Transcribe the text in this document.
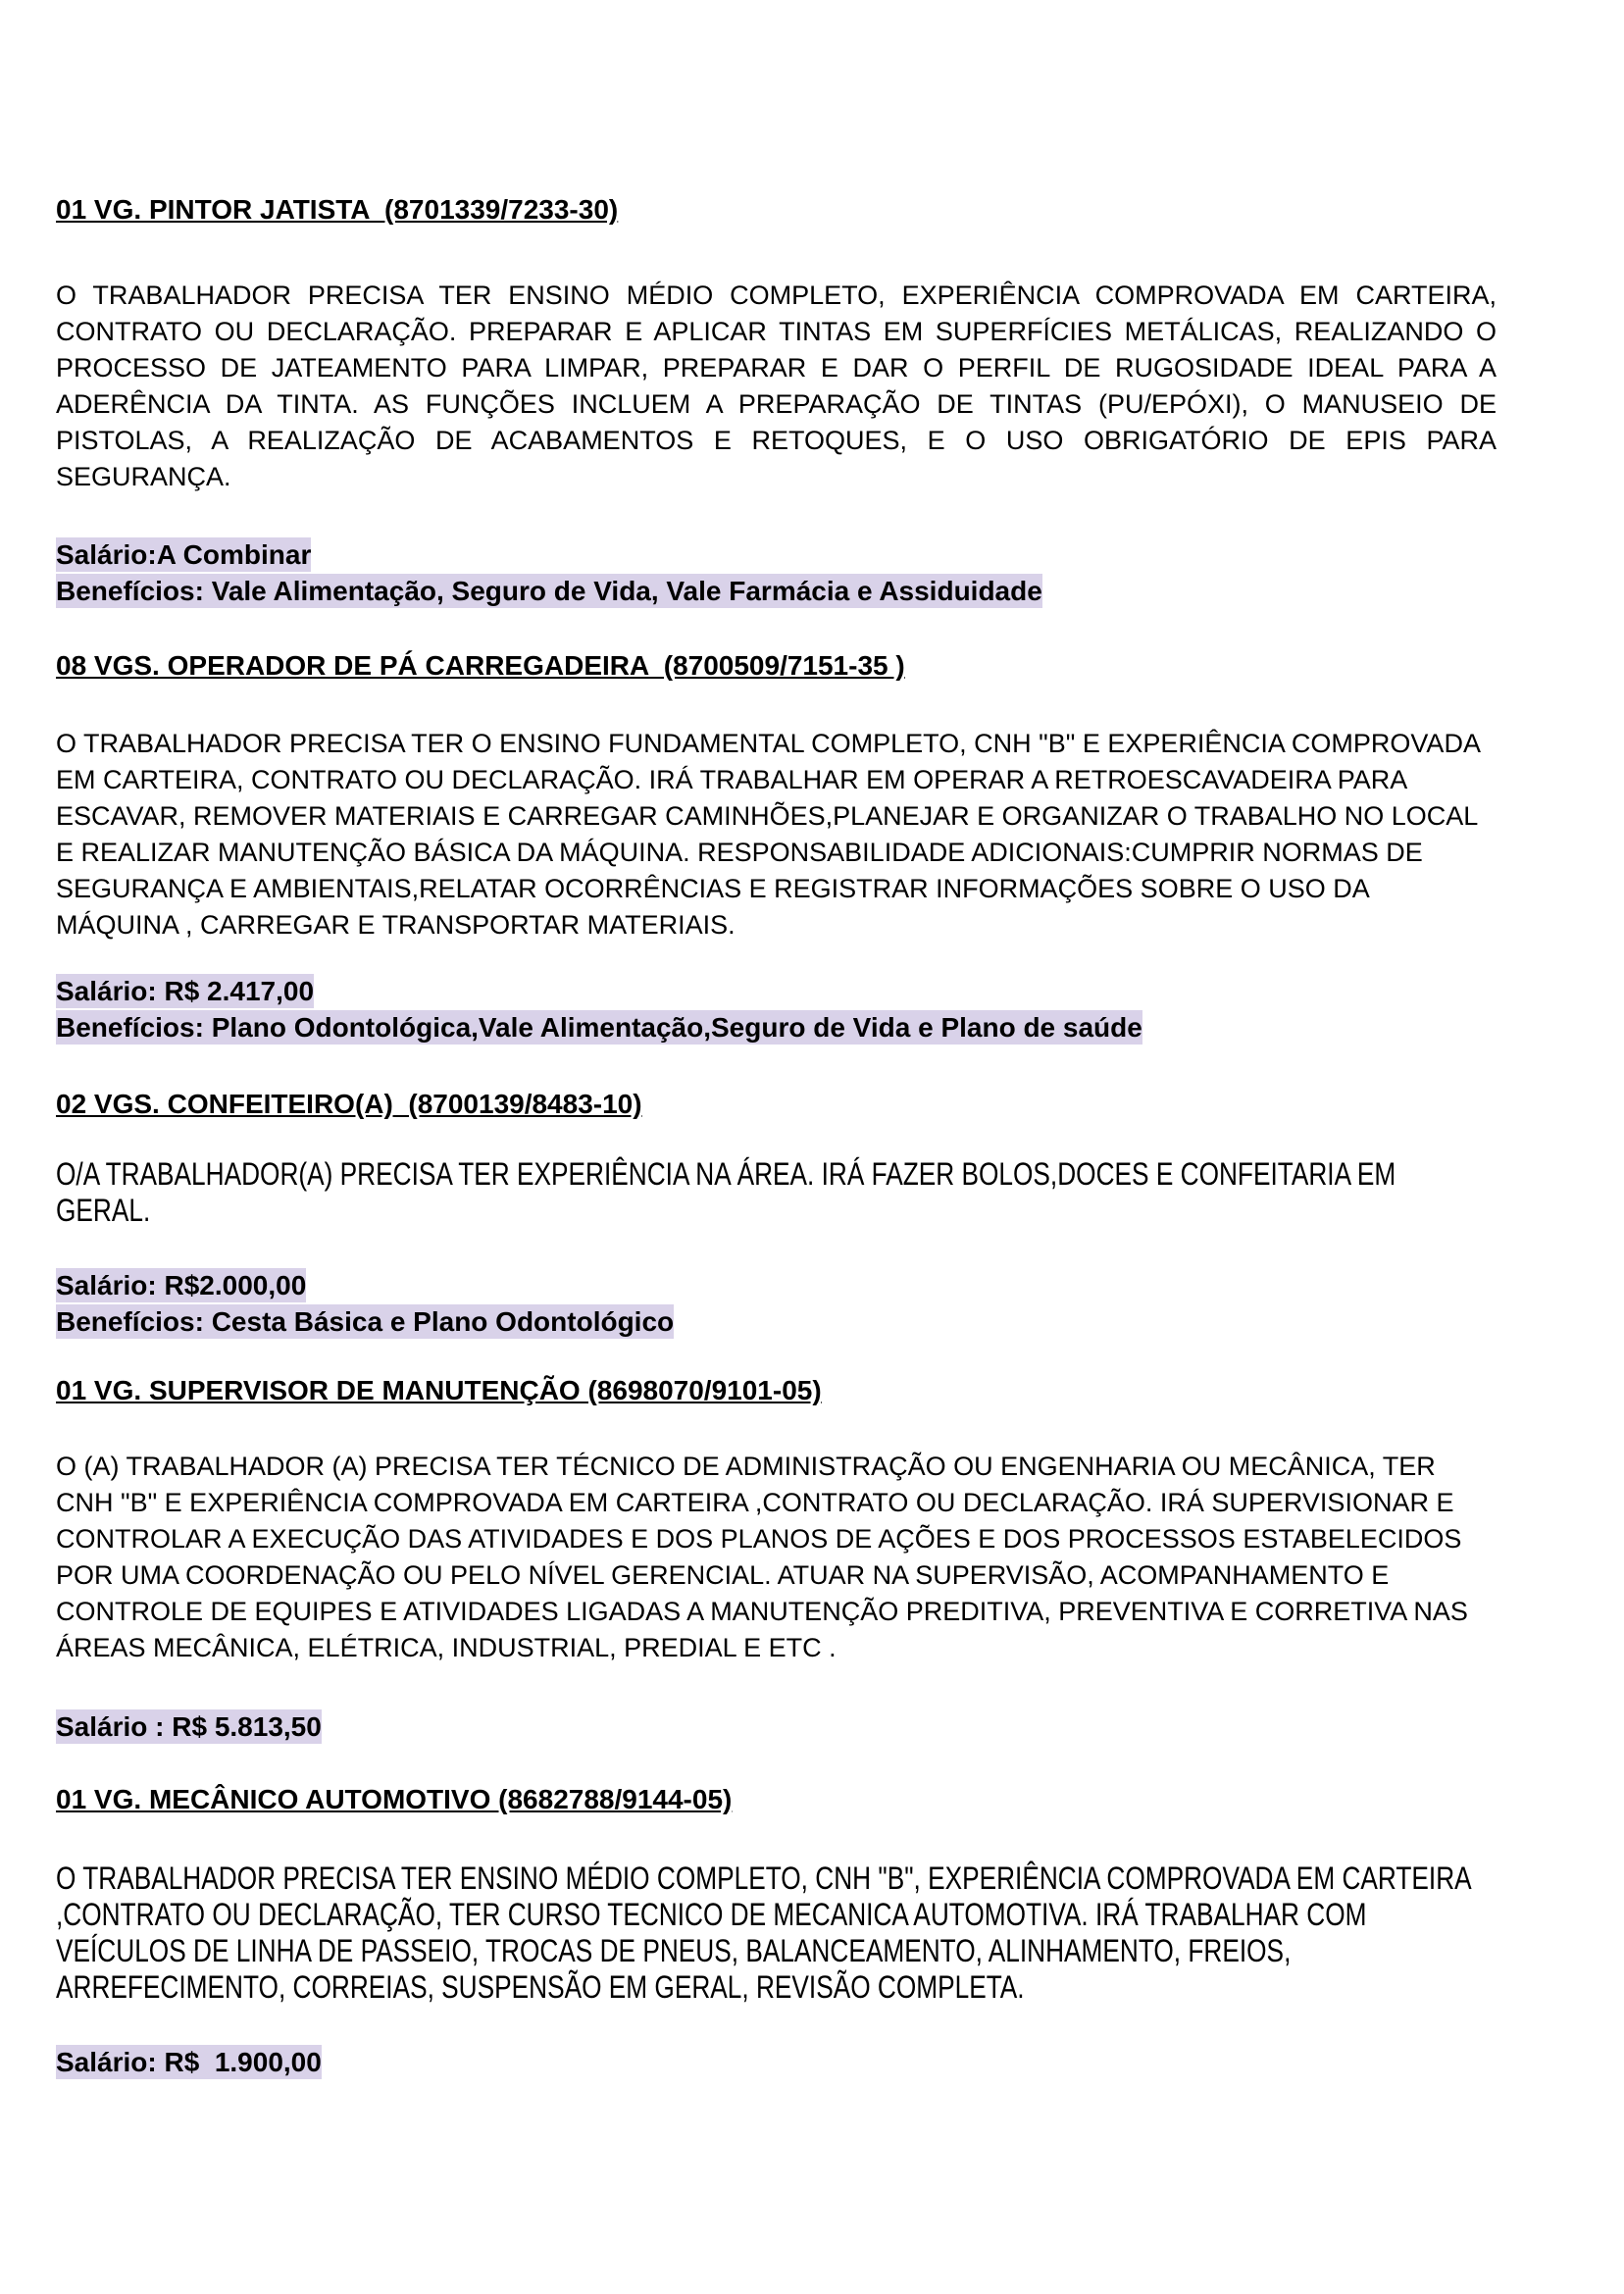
01 VG. PINTOR JATISTA  (8701339/7233-30)
O TRABALHADOR PRECISA TER ENSINO MÉDIO COMPLETO, EXPERIÊNCIA COMPROVADA EM CARTEIRA, CONTRATO OU DECLARAÇÃO. PREPARAR E APLICAR TINTAS EM SUPERFÍCIES METÁLICAS, REALIZANDO O PROCESSO DE JATEAMENTO PARA LIMPAR, PREPARAR E DAR O PERFIL DE RUGOSIDADE IDEAL PARA A ADERÊNCIA DA TINTA. AS FUNÇÕES INCLUEM A PREPARAÇÃO DE TINTAS (PU/EPÓXI), O MANUSEIO DE PISTOLAS, A REALIZAÇÃO DE ACABAMENTOS E RETOQUES, E O USO OBRIGATÓRIO DE EPIS PARA SEGURANÇA.
Salário:A Combinar
Benefícios: Vale Alimentação, Seguro de Vida, Vale Farmácia e Assiduidade
08 VGS. OPERADOR DE PÁ CARREGADEIRA  (8700509/7151-35 )
O TRABALHADOR PRECISA TER O ENSINO FUNDAMENTAL COMPLETO, CNH "B" E EXPERIÊNCIA COMPROVADA EM CARTEIRA, CONTRATO OU DECLARAÇÃO. IRÁ TRABALHAR EM OPERAR A RETROESCAVADEIRA PARA ESCAVAR, REMOVER MATERIAIS E CARREGAR CAMINHÕES,PLANEJAR E ORGANIZAR O TRABALHO NO LOCAL E REALIZAR MANUTENÇÃO BÁSICA DA MÁQUINA. RESPONSABILIDADE ADICIONAIS:CUMPRIR NORMAS DE SEGURANÇA E AMBIENTAIS,RELATAR OCORRÊNCIAS E REGISTRAR INFORMAÇÕES SOBRE O USO DA MÁQUINA , CARREGAR E TRANSPORTAR MATERIAIS.
Salário: R$ 2.417,00
Benefícios: Plano Odontológica,Vale Alimentação,Seguro de Vida e Plano de saúde
02 VGS. CONFEITEIRO(A)  (8700139/8483-10)
O/A TRABALHADOR(A) PRECISA TER EXPERIÊNCIA NA ÁREA. IRÁ FAZER BOLOS,DOCES E CONFEITARIA EM GERAL.
Salário: R$2.000,00
Benefícios: Cesta Básica e Plano Odontológico
01 VG. SUPERVISOR DE MANUTENÇÃO (8698070/9101-05)
O (A) TRABALHADOR (A) PRECISA TER TÉCNICO DE ADMINISTRAÇÃO OU ENGENHARIA OU MECÂNICA, TER CNH "B" E EXPERIÊNCIA COMPROVADA EM CARTEIRA ,CONTRATO OU DECLARAÇÃO. IRÁ SUPERVISIONAR E CONTROLAR A EXECUÇÃO DAS ATIVIDADES E DOS PLANOS DE AÇÕES E DOS PROCESSOS ESTABELECIDOS POR UMA COORDENAÇÃO OU PELO NÍVEL GERENCIAL. ATUAR NA SUPERVISÃO, ACOMPANHAMENTO E CONTROLE DE EQUIPES E ATIVIDADES LIGADAS A MANUTENÇÃO PREDITIVA, PREVENTIVA E CORRETIVA NAS ÁREAS MECÂNICA, ELÉTRICA, INDUSTRIAL, PREDIAL E ETC .
Salário : R$ 5.813,50
01 VG. MECÂNICO AUTOMOTIVO (8682788/9144-05)
O TRABALHADOR PRECISA TER ENSINO MÉDIO COMPLETO, CNH "B", EXPERIÊNCIA COMPROVADA EM CARTEIRA ,CONTRATO OU DECLARAÇÃO, TER CURSO TECNICO DE MECANICA AUTOMOTIVA. IRÁ TRABALHAR COM VEÍCULOS DE LINHA DE PASSEIO, TROCAS DE PNEUS, BALANCEAMENTO, ALINHAMENTO, FREIOS, ARREFECIMENTO, CORREIAS, SUSPENSÃO EM GERAL, REVISÃO COMPLETA.
Salário: R$  1.900,00
